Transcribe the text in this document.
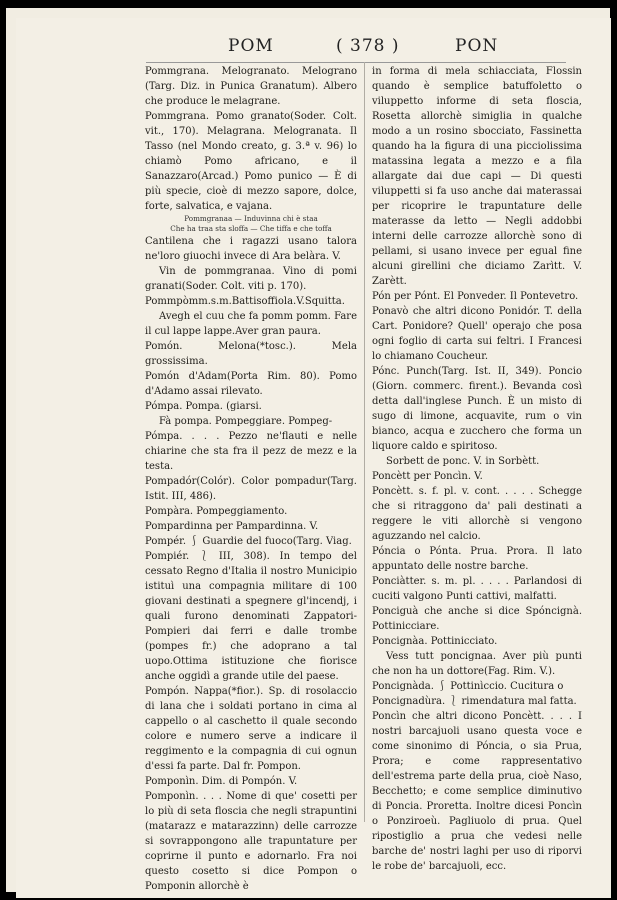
POM	( 378 )	PON

Pommgrana. Melogranato. Melograno (Targ. Diz. in Punica Granatum). Albero che produce le melagrane.

Pommgrana. Pomo granato(Soder. Colt. vit., 170). Melagrana. Melogranata. Il Tasso (nel Mondo creato, g. 3.ª v. 96) lo chiamò Pomo africano, e il Sanazzaro(Arcad.) Pomo punico — È di più specie, cioè di mezzo sapore, dolce, forte, salvatica, e vajana.

Pommgranaa — Induvinna chi è staa

Che ha traa sta sloffa — Che tiffa e che toffa

Cantilena che i ragazzi usano talora ne'loro giuochi invece di Ara belàra. V.

Vin de pommgranaa. Vino di pomi granati(Soder. Colt. viti p. 170).

Pommpòmm.s.m.Battisoffiola.V.Squitta.

Avegh el cuu che fa pomm pomm. Fare il cul lappe lappe.Aver gran paura.

Pomón. Melona(*tosc.). Mela grossissima.

Pomón d'Adam(Porta Rim. 80). Pomo d'Adamo assai rilevato.

Pómpa. Pompa. (giarsi.

Fà pompa. Pompeggiare. Pompeg-

Pómpa. . . . Pezzo ne'flauti e nelle chiarine che sta fra il pezz de mezz e la testa.

Pompadór(Colór). Color pompadur(Targ. Istit. III, 486).

Pompàra. Pompeggiamento.

Pompardinna per Pampardinna. V.

Pompér. ⎰ Guardie del fuoco(Targ. Viag.

Pompiér. ⎱ III, 308). In tempo del cessato Regno d'Italia il nostro Municipio istituì una compagnia militare di 100 giovani destinati a spegnere gl'incendj, i quali furono denominati Zappatori-Pompieri dai ferri e dalle trombe (pompes fr.) che adoprano a tal uopo.Ottima istituzione che fiorisce anche oggidì a grande utile del paese.

Pompón. Nappa(*fior.). Sp. di rosolaccio di lana che i soldati portano in cima al cappello o al caschetto il quale secondo colore e numero serve a indicare il reggimento e la compagnia di cui ognun d'essi fa parte. Dal fr. Pompon.

Pomponìn. Dim. di Pompón. V.

Pomponìn. . . . Nome di que' cosetti per lo più di seta floscia che negli strapuntini (matarazz e matarazzinn) delle carrozze si sovrappongono alle trapuntature per coprirne il punto e adornarlo. Fra noi questo cosetto si dice Pompon o Pomponin allorchè è

in forma di mela schiacciata, Flossin quando è semplice batuffoletto o viluppetto informe di seta floscia, Rosetta allorchè simiglia in qualche modo a un rosino sbocciato, Fassinetta quando ha la figura di una picciolissima matassina legata a mezzo e a fila allargate dai due capi — Di questi viluppetti si fa uso anche dai materassai per ricoprire le trapuntature delle materasse da letto — Negli addobbi interni delle carrozze allorchè sono di pellami, si usano invece per egual fine alcuni girellini che diciamo Zarìtt. V. Zarètt.

Pón per Pónt. El Ponveder. Il Pontevetro.

Ponavò che altri dicono Ponidór. T. della Cart. Ponidore? Quell' operajo che posa ogni foglio di carta sui feltri. I Francesi lo chiamano Coucheur.

Pónc. Punch(Targ. Ist. II, 349). Poncio (Giorn. commerc. firent.). Bevanda così detta dall'inglese Punch. È un misto di sugo di limone, acquavite, rum o vin bianco, acqua e zucchero che forma un liquore caldo e spiritoso.

Sorbett de ponc. V. in Sorbètt.

Poncètt per Poncìn. V.

Poncètt. s. f. pl. v. cont. . . . . Schegge che si ritraggono da' pali destinati a reggere le viti allorchè si vengono aguzzando nel calcio.

Póncia o Pónta. Prua. Prora. Il lato appuntato delle nostre barche.

Ponciàtter. s. m. pl. . . . . Parlandosi di cuciti valgono Punti cattivi, malfatti.

Ponciguà che anche si dice Spóncignà. Pottinicciare.

Poncignàa. Pottinicciato.

Vess tutt poncignaa. Aver più punti che non ha un dottore(Fag. Rim. V.).

Poncignàda. ⎰ Pottinìccio. Cucitura o

Poncignadùra. ⎱ rimendatura mal fatta.

Poncìn che altri dicono Poncètt. . . . I nostri barcajuoli usano questa voce e come sinonimo di Póncia, o sia Prua, Prora; e come rappresentativo dell'estrema parte della prua, cioè Naso, Becchetto; e come semplice diminutivo di Poncia. Proretta. Inoltre dicesi Poncìn o Ponziroeù. Pagliuolo di prua. Quel ripostiglio a prua che vedesi nelle barche de' nostri laghi per uso di riporvi le robe de' barcajuoli, ecc.
